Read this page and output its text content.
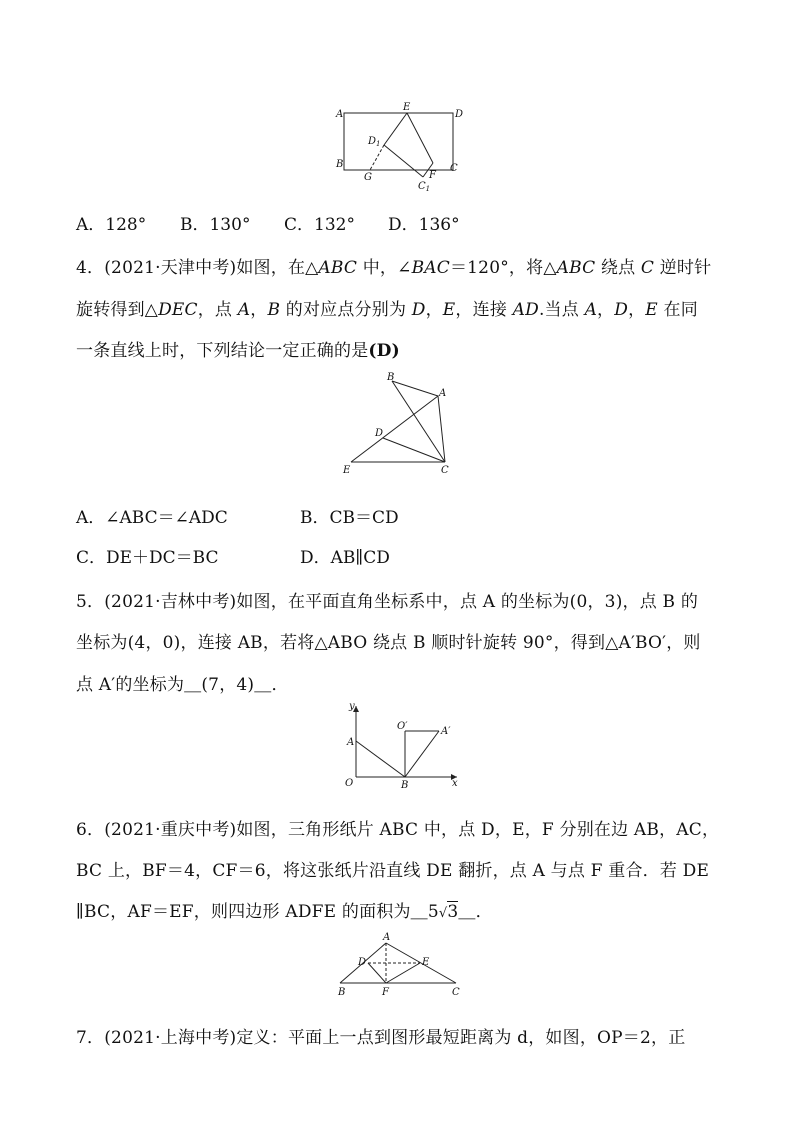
A
E
D
$D_1$
B
G	F
C
$C_1$
A．128° B．130° C．132° D．136°
4．(2021·天津中考)如图，在△ABC 中，∠BAC＝120°，将△ABC 绕点 C 逆时针
旋转得到△DEC，点 A，B 的对应点分别为 D，E，连接 AD.当点 A，D，E 在同
一条直线上时，下列结论一定正确的是(D)
B
A
D
E	C
A．∠ABC＝∠ADC	B．CB＝CD
C．DE＋DC＝BC	D．AB∥CD
5．(2021·吉林中考)如图，在平面直角坐标系中，点 A 的坐标为(0，3)，点 B 的
坐标为(4，0)，连接 AB，若将△ABO 绕点 B 顺时针旋转 90°，得到△A′BO′，则
点 A′的坐标为＿(7，4)＿．
y
O′	A′
A
O	B	x
6．(2021·重庆中考)如图，三角形纸片 ABC 中，点 D，E，F 分别在边 AB，AC，
BC 上，BF＝4，CF＝6，将这张纸片沿直线 DE 翻折，点 A 与点 F 重合．若 DE
∥BC，AF＝EF，则四边形 ADFE 的面积为＿5√3＿．
A
D	E
B	F	C
7．(2021·上海中考)定义：平面上一点到图形最短距离为 d，如图，OP＝2，正
